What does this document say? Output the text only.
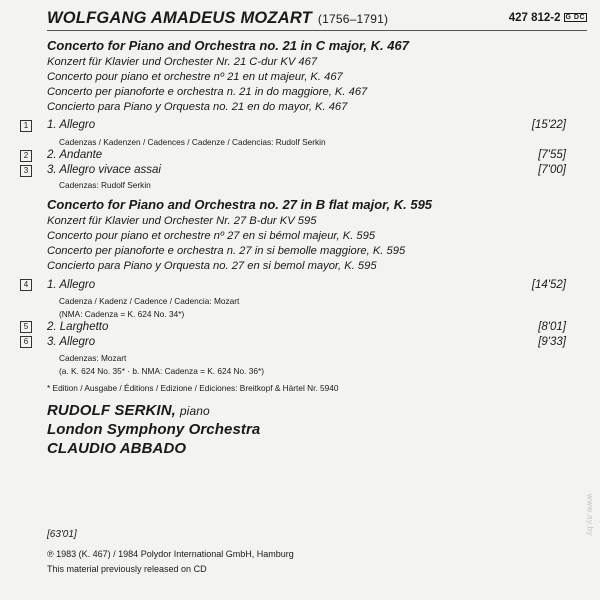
WOLFGANG AMADEUS MOZART (1756–1791)	427 812-2 G DC
Concerto for Piano and Orchestra no. 21 in C major, K. 467
Konzert für Klavier und Orchester Nr. 21 C-dur KV 467
Concerto pour piano et orchestre nº 21 en ut majeur, K. 467
Concerto per pianoforte e orchestra n. 21 in do maggiore, K. 467
Concierto para Piano y Orquesta no. 21 en do mayor, K. 467
1	1. Allegro	[15'22]
Cadenzas / Kadenzen / Cadences / Cadenze / Cadencias: Rudolf Serkin
2	2. Andante	[7'55]
3	3. Allegro vivace assai	[7'00]
Cadenzas: Rudolf Serkin
Concerto for Piano and Orchestra no. 27 in B flat major, K. 595
Konzert für Klavier und Orchester Nr. 27 B-dur KV 595
Concerto pour piano et orchestre nº 27 en si bémol majeur, K. 595
Concerto per pianoforte e orchestra n. 27 in si bemolle maggiore, K. 595
Concierto para Piano y Orquesta no. 27 en si bemol mayor, K. 595
4	1. Allegro	[14'52]
Cadenza / Kadenz / Cadence / Cadencia: Mozart
(NMA: Cadenza = K. 624 No. 34*)
5	2. Larghetto	[8'01]
6	3. Allegro	[9'33]
Cadenzas: Mozart
(a. K. 624 No. 35* · b. NMA: Cadenza = K. 624 No. 36*)
* Edition / Ausgabe / Éditions / Edizione / Ediciones: Breitkopf & Härtel Nr. 5940
RUDOLF SERKIN, piano
London Symphony Orchestra
CLAUDIO ABBADO
[63'01]
℗ 1983 (K. 467) / 1984 Polydor International GmbH, Hamburg
This material previously released on CD
www.ay.by
